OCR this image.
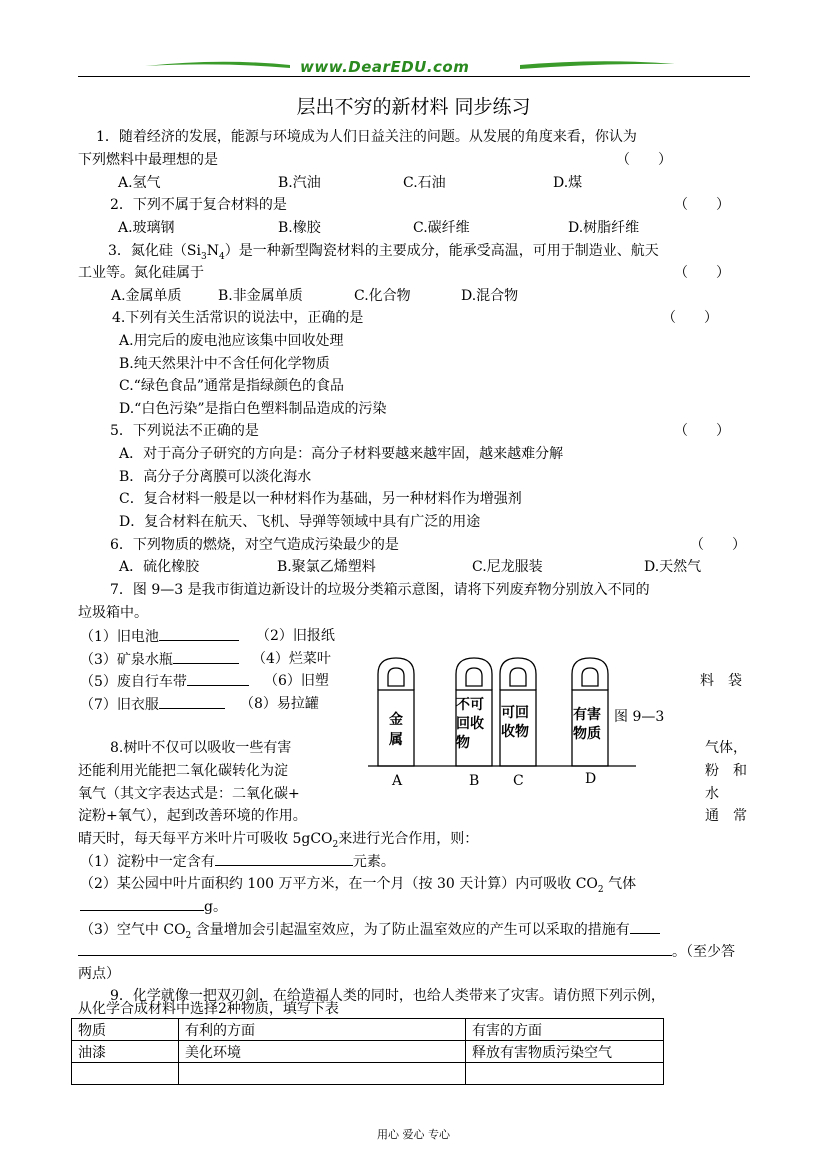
www.DearEDU.com
层出不穷的新材料 同步练习
1．随着经济的发展，能源与环境成为人们日益关注的问题。从发展的角度来看，你认为
下列燃料中最理想的是	（　　）
A.氢气	B.汽油	C.石油	D.煤
2．下列不属于复合材料的是	（　　）
A.玻璃钢	B.橡胶	C.碳纤维	D.树脂纤维
3．氮化硅$(Si_3N_4)$是一种新型陶瓷材料的主要成分，能承受高温，可用于制造业、航天
工业等。氮化硅属于	（　　）
A.金属单质	B.非金属单质	C.化合物	D.混合物
4.下列有关生活常识的说法中，正确的是	（　　）
A.用完后的废电池应该集中回收处理
B.纯天然果汁中不含任何化学物质
C.“绿色食品”通常是指绿颜色的食品
D.“白色污染”是指白色塑料制品造成的污染
5．下列说法不正确的是	（　　）
A．对于高分子研究的方向是：高分子材料要越来越牢固，越来越难分解
B．高分子分离膜可以淡化海水
C．复合材料一般是以一种材料作为基础，另一种材料作为增强剂
D．复合材料在航天、飞机、导弹等领域中具有广泛的用途
6．下列物质的燃烧，对空气造成污染最少的是	（　　）
A．硫化橡胶	B.聚氯乙烯塑料	C.尼龙服装	D.天然气
7．图 9—3 是我市街道边新设计的垃圾分类箱示意图，请将下列废弃物分别放入不同的
垃圾箱中。
（1）旧电池	（2）旧报纸
（3）矿泉水瓶	（4）烂菜叶
（5）废自行车带	（6）旧塑	料　袋
（7）旧衣服	（8）易拉罐
金
属
不可
回收
物
可回
收物
有害
物质
A	B C	D
图 9—3
8.树叶不仅可以吸收一些有害	气体，
还能利用光能把二氧化碳转化为淀	粉　和
氧气（其文字表达式是：二氧化碳+	水
淀粉+氧气），起到改善环境的作用。	通　常
晴天时，每天每平方米叶片可吸收 5gCO$_2$来进行光合作用，则：
（1）淀粉中一定含有	元素。
（2）某公园中叶片面积约 100 万平方米，在一个月（按 30 天计算）内可吸收 $CO_2$ 气体
g。
（3）空气中 $CO_2$ 含量增加会引起温室效应，为了防止温室效应的产生可以采取的措施有
。（至少答
两点）
9．化学就像一把双刃剑，在给造福人类的同时，也给人类带来了灾害。请仿照下列示例，
从化学合成材料中选择2种物质，填写下表
物质	有利的方面	有害的方面
油漆	美化环境	释放有害物质污染空气

用心 爱心 专心
